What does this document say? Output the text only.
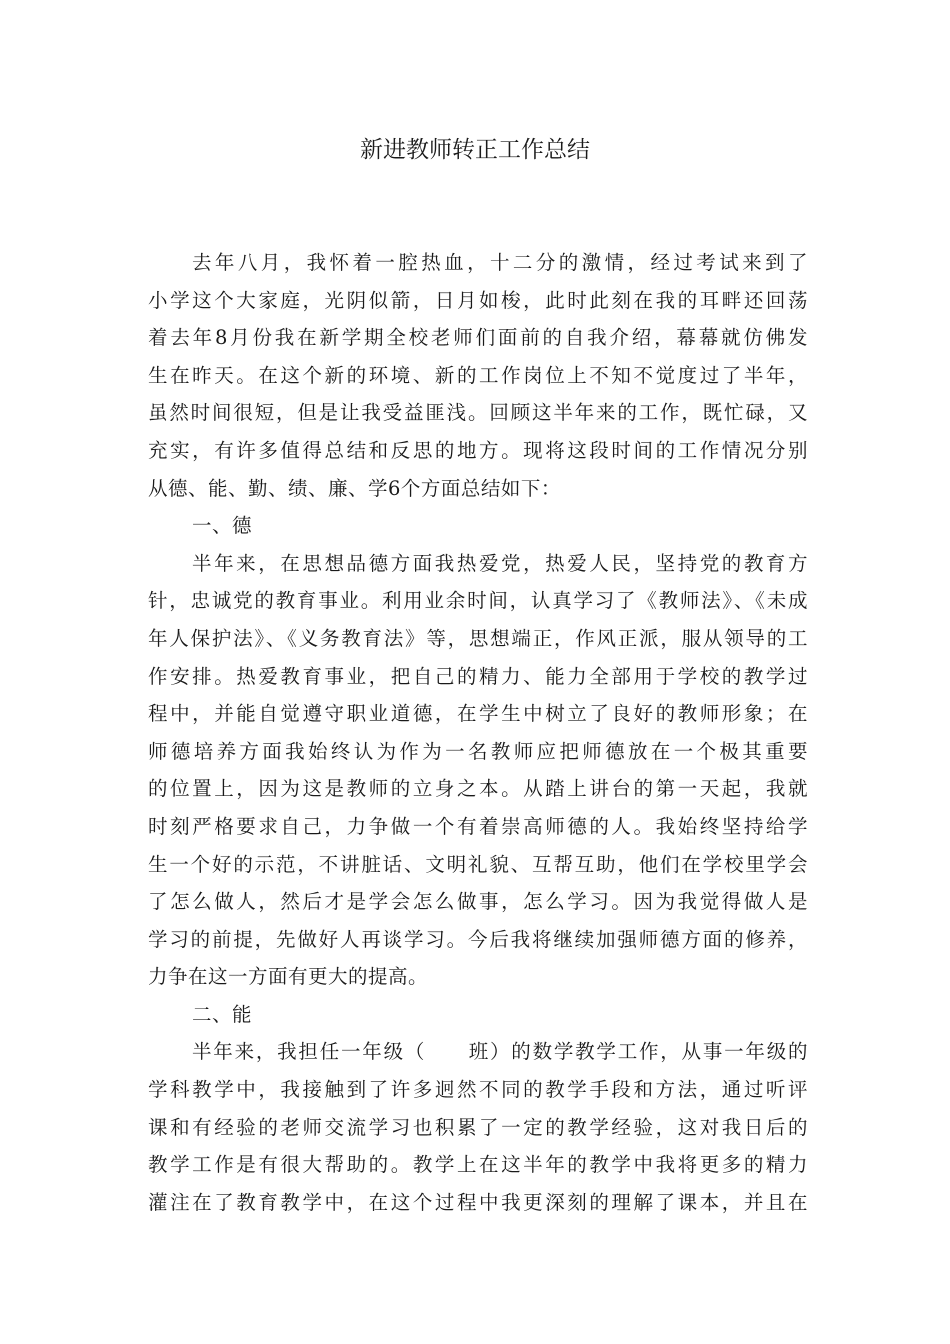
新进教师转正工作总结
去年八月，我怀着一腔热血，十二分的激情，经过考试来到了
小学这个大家庭，光阴似箭，日月如梭，此时此刻在我的耳畔还回荡
着去年8月份我在新学期全校老师们面前的自我介绍，幕幕就仿佛发
生在昨天。在这个新的环境、新的工作岗位上不知不觉度过了半年，
虽然时间很短，但是让我受益匪浅。回顾这半年来的工作，既忙碌，又
充实，有许多值得总结和反思的地方。现将这段时间的工作情况分别
从德、能、勤、绩、廉、学6个方面总结如下：
一、德
半年来，在思想品德方面我热爱党，热爱人民，坚持党的教育方
针，忠诚党的教育事业。利用业余时间，认真学习了《教师法》、《未成
年人保护法》、《义务教育法》等，思想端正，作风正派，服从领导的工
作安排。热爱教育事业，把自己的精力、能力全部用于学校的教学过
程中，并能自觉遵守职业道德，在学生中树立了良好的教师形象；在
师德培养方面我始终认为作为一名教师应把师德放在一个极其重要
的位置上，因为这是教师的立身之本。从踏上讲台的第一天起，我就
时刻严格要求自己，力争做一个有着崇高师德的人。我始终坚持给学
生一个好的示范，不讲脏话、文明礼貌、互帮互助，他们在学校里学会
了怎么做人，然后才是学会怎么做事，怎么学习。因为我觉得做人是
学习的前提，先做好人再谈学习。今后我将继续加强师德方面的修养，
力争在这一方面有更大的提高。
二、能
半年来，我担任一年级（　　班）的数学教学工作，从事一年级的
学科教学中，我接触到了许多迥然不同的教学手段和方法，通过听评
课和有经验的老师交流学习也积累了一定的教学经验，这对我日后的
教学工作是有很大帮助的。教学上在这半年的教学中我将更多的精力
灌注在了教育教学中，在这个过程中我更深刻的理解了课本，并且在
